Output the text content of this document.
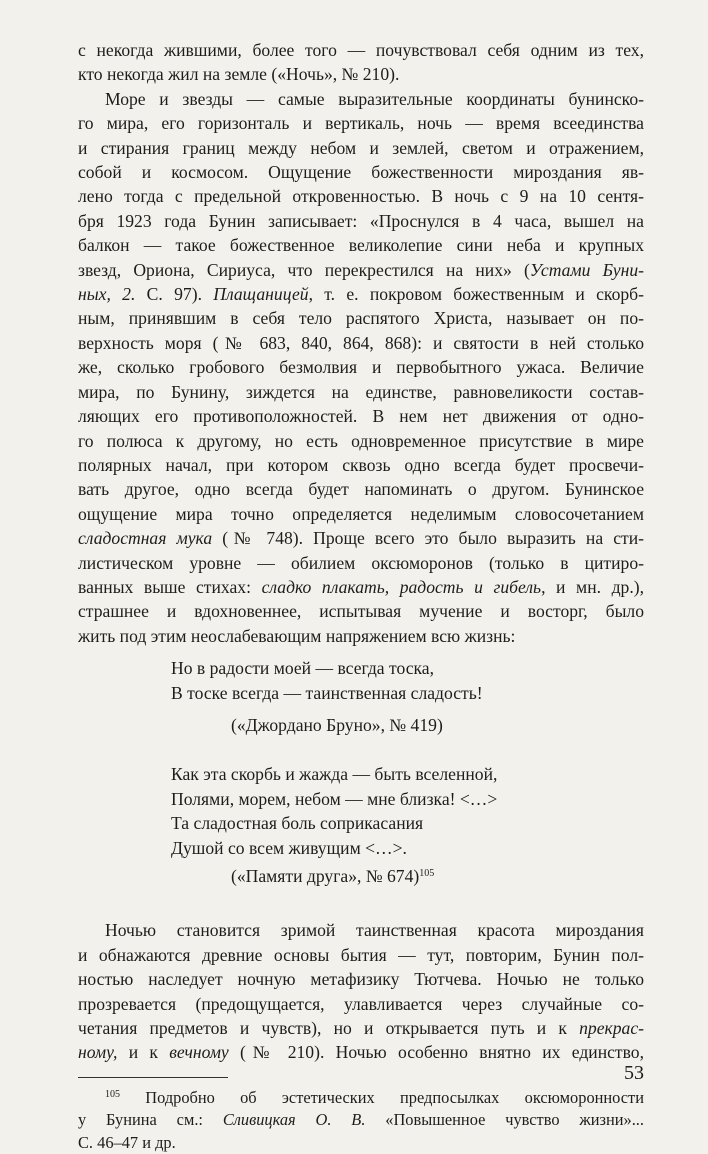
с некогда жившими, более того — почувствовал себя одним из тех,
кто некогда жил на земле («Ночь», № 210).
Море и звезды — самые выразительные координаты бунинско-
го мира, его горизонталь и вертикаль, ночь — время всеединства
и стирания границ между небом и землей, светом и отражением,
собой и космосом. Ощущение божественности мироздания яв-
лено тогда с предельной откровенностью. В ночь с 9 на 10 сентя-
бря 1923 года Бунин записывает: «Проснулся в 4 часа, вышел на
балкон — такое божественное великолепие сини неба и крупных
звезд, Ориона, Сириуса, что перекрестился на них» (Устами Буни-
ных, 2. С. 97). Плащаницей, т. е. покровом божественным и скорб-
ным, принявшим в себя тело распятого Христа, называет он по-
верхность моря (№ 683, 840, 864, 868): и святости в ней столько
же, сколько гробового безмолвия и первобытного ужаса. Величие
мира, по Бунину, зиждется на единстве, равновеликости состав-
ляющих его противоположностей. В нем нет движения от одно-
го полюса к другому, но есть одновременное присутствие в мире
полярных начал, при котором сквозь одно всегда будет просвечи-
вать другое, одно всегда будет напоминать о другом. Бунинское
ощущение мира точно определяется неделимым словосочетанием
сладостная мука (№ 748). Проще всего это было выразить на сти-
листическом уровне — обилием оксюморонов (только в цитиро-
ванных выше стихах: сладко плакать, радость и гибель, и мн. др.),
страшнее и вдохновеннее, испытывая мучение и восторг, было
жить под этим неослабевающим напряжением всю жизнь:
Но в радости моей — всегда тоска,
В тоске всегда — таинственная сладость!
(«Джордано Бруно», № 419)
Как эта скорбь и жажда — быть вселенной,
Полями, морем, небом — мне близка! <…>
Та сладостная боль соприкасания
Душой со всем живущим <…>.
(«Памяти друга», № 674)$^{105}$
Ночью становится зримой таинственная красота мироздания
и обнажаются древние основы бытия — тут, повторим, Бунин пол-
ностью наследует ночную метафизику Тютчева. Ночью не только
прозревается (предощущается, улавливается через случайные со-
четания предметов и чувств), но и открывается путь и к прекрас-
ному, и к вечному (№ 210). Ночью особенно внятно их единство,
$^{105}$ Подробно об эстетических предпосылках оксюморонности
у Бунина см.: Сливицкая О. В. «Повышенное чувство жизни»...
С. 46–47 и др.
53
